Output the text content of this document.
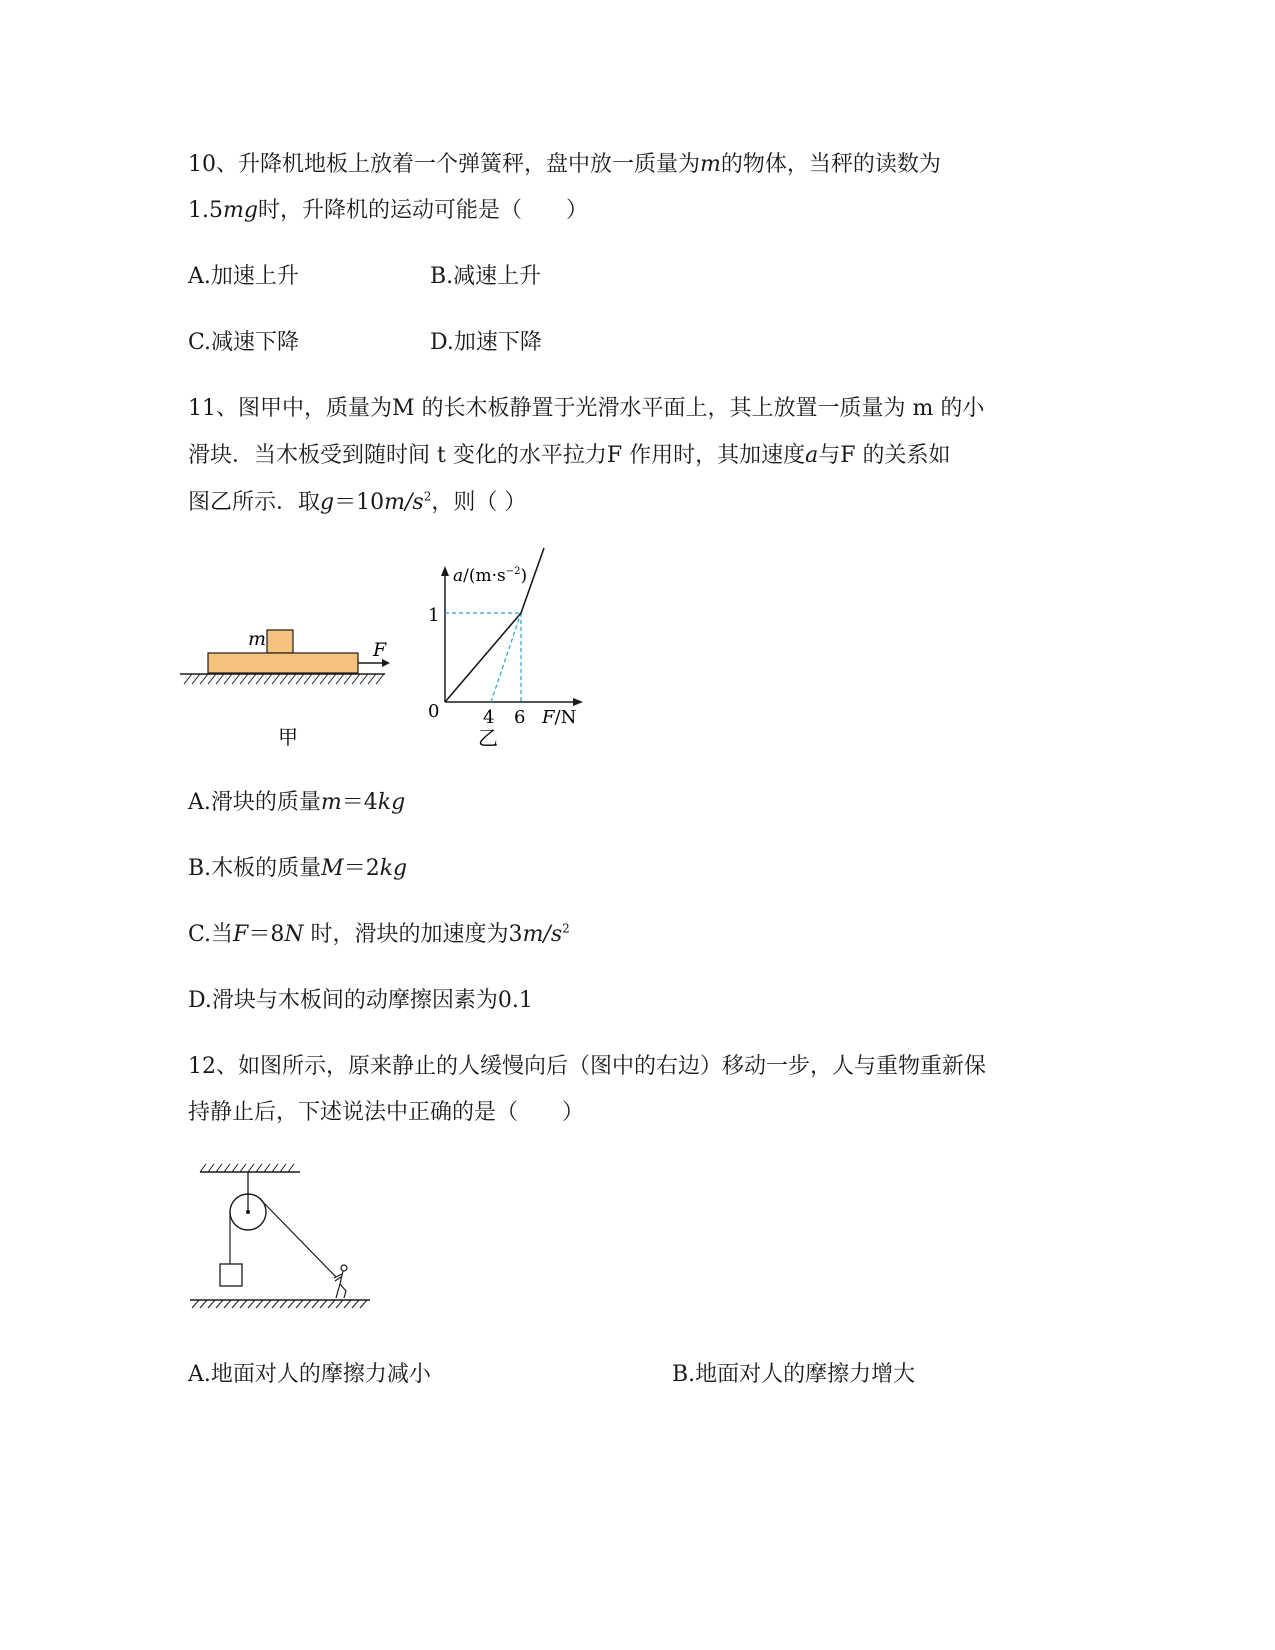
10、升降机地板上放着一个弹簧秤，盘中放一质量为m的物体，当秤的读数为
1.5mg时，升降机的运动可能是（　　）
A.加速上升	B.减速上升
C.减速下降	D.加速下降
11、图甲中，质量为M 的长木板静置于光滑水平面上，其上放置一质量为 m 的小
滑块．当木板受到随时间 t 变化的水平拉力F 作用时，其加速度a与F 的关系如
图乙所示．取$g=10m/s^2$，则（ ）
m	F
甲
0
1
4 6
$a/(m\cdot s^{-2})$
F/N
乙
A.滑块的质量m＝4kg
B.木板的质量M＝2kg
C.当F＝8N 时，滑块的加速度为$3m/s^2$
D.滑块与木板间的动摩擦因素为0.1
12、如图所示，原来静止的人缓慢向后（图中的右边）移动一步，人与重物重新保
持静止后，下述说法中正确的是（　　）
A.地面对人的摩擦力减小	B.地面对人的摩擦力增大
